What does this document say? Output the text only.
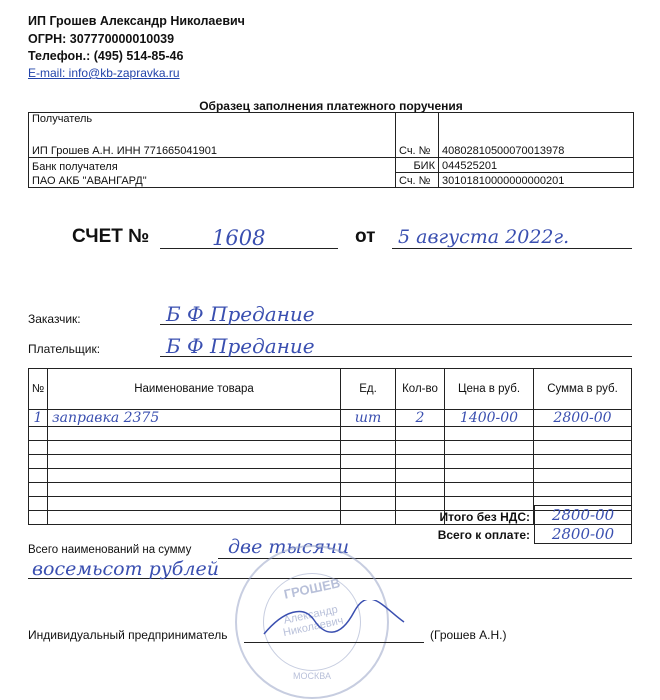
ИП Грошев Александр Николаевич
ОГРН: 307770000010039
Телефон.: (495) 514-85-46
E-mail: info@kb-zapravka.ru
Образец заполнения платежного поручения
Получатель		
ИП Грошев А.Н. ИНН 771665041901	Сч. №	40802810500070013978
Банк получателя	БИК	044525201
ПАО АКБ "АВАНГАРД"	Сч. №	30101810000000000201
СЧЕТ №	1608	от 5 августа 2022г.
Заказчик:	Б Ф Предание
Плательщик:	Б Ф Предание
№	Наименование товара	Ед.	Кол-во	Цена в руб.	Сумма в руб.
1	заправка 2375	шт	2	1400-00	2800-00

Итого без НДС:	2800-00
Всего к оплате:	2800-00
Всего наименований на сумму две тысячи
восемьсот рублей
ГРОШЕВ
Александр Николаевич
МОСКВА
Индивидуальный предприниматель	(Грошев А.Н.)
